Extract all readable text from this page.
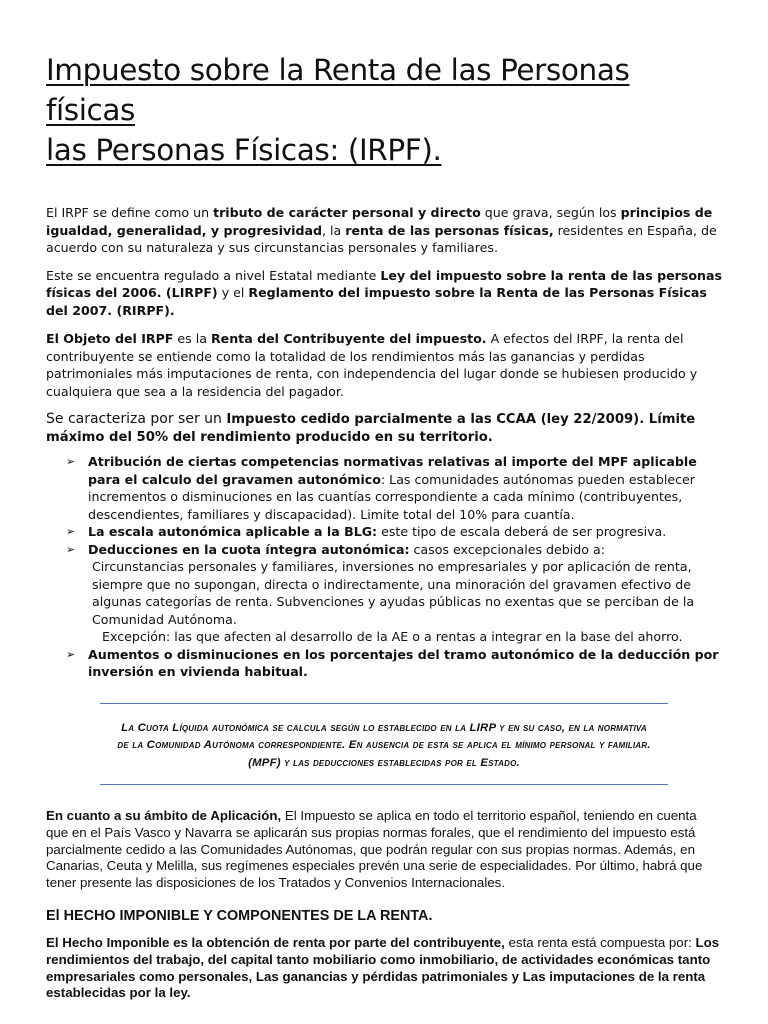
Impuesto sobre la Renta de las Personas físicas
las Personas Físicas: (IRPF).

El IRPF se define como un tributo de carácter personal y directo que grava, según los principios de igualdad, generalidad, y progresividad, la renta de las personas físicas, residentes en España, de acuerdo con su naturaleza y sus circunstancias personales y familiares.

Este se encuentra regulado a nivel Estatal mediante Ley del impuesto sobre la renta de las personas físicas del 2006. (LIRPF) y el Reglamento del impuesto sobre la Renta de las Personas Físicas del 2007. (RIRPF).

El Objeto del IRPF es la Renta del Contribuyente del impuesto. A efectos del IRPF, la renta del contribuyente se entiende como la totalidad de los rendimientos más las ganancias y perdidas patrimoniales más imputaciones de renta, con independencia del lugar donde se hubiesen producido y cualquiera que sea a la residencia del pagador.

Se caracteriza por ser un Impuesto cedido parcialmente a las CCAA (ley 22/2009). Límite máximo del 50% del rendimiento producido en su territorio.

➢ Atribución de ciertas competencias normativas relativas al importe del MPF aplicable para el calculo del gravamen autonómico: Las comunidades autónomas pueden establecer incrementos o disminuciones en las cuantías correspondiente a cada mínimo (contribuyentes, descendientes, familiares y discapacidad). Limite total del 10% para cuantía.
➢ La escala autonómica aplicable a la BLG: este tipo de escala deberá de ser progresiva.
➢ Deducciones en la cuota íntegra autonómica: casos excepcionales debido a:
Circunstancias personales y familiares, inversiones no empresariales y por aplicación de renta, siempre que no supongan, directa o indirectamente, una minoración del gravamen efectivo de algunas categorías de renta. Subvenciones y ayudas públicas no exentas que se perciban de la Comunidad Autónoma.
Excepción: las que afecten al desarrollo de la AE o a rentas a integrar en la base del ahorro.
➢ Aumentos o disminuciones en los porcentajes del tramo autonómico de la deducción por inversión en vivienda habitual.
La Cuota Líquida autonómica se calcula según lo establecido en la LIRP y en su caso, en la normativa de la Comunidad Autónoma correspondiente. En ausencia de esta se aplica el mínimo personal y familiar. (MPF) y las deducciones establecidas por el Estado.

En cuanto a su ámbito de Aplicación, El Impuesto se aplica en todo el territorio español, teniendo en cuenta que en el País Vasco y Navarra se aplicarán sus propias normas forales, que el rendimiento del impuesto está parcialmente cedido a las Comunidades Autónomas, que podrán regular con sus propias normas. Además, en Canarias, Ceuta y Melilla, sus regímenes especiales prevén una serie de especialidades. Por último, habrá que tener presente las disposiciones de los Tratados y Convenios Internacionales.

El HECHO IMPONIBLE Y COMPONENTES DE LA RENTA.

El Hecho Imponible es la obtención de renta por parte del contribuyente, esta renta está compuesta por: Los rendimientos del trabajo, del capital tanto mobiliario como inmobiliario, de actividades económicas tanto empresariales como personales, Las ganancias y pérdidas patrimoniales y Las imputaciones de la renta establecidas por la ley.
